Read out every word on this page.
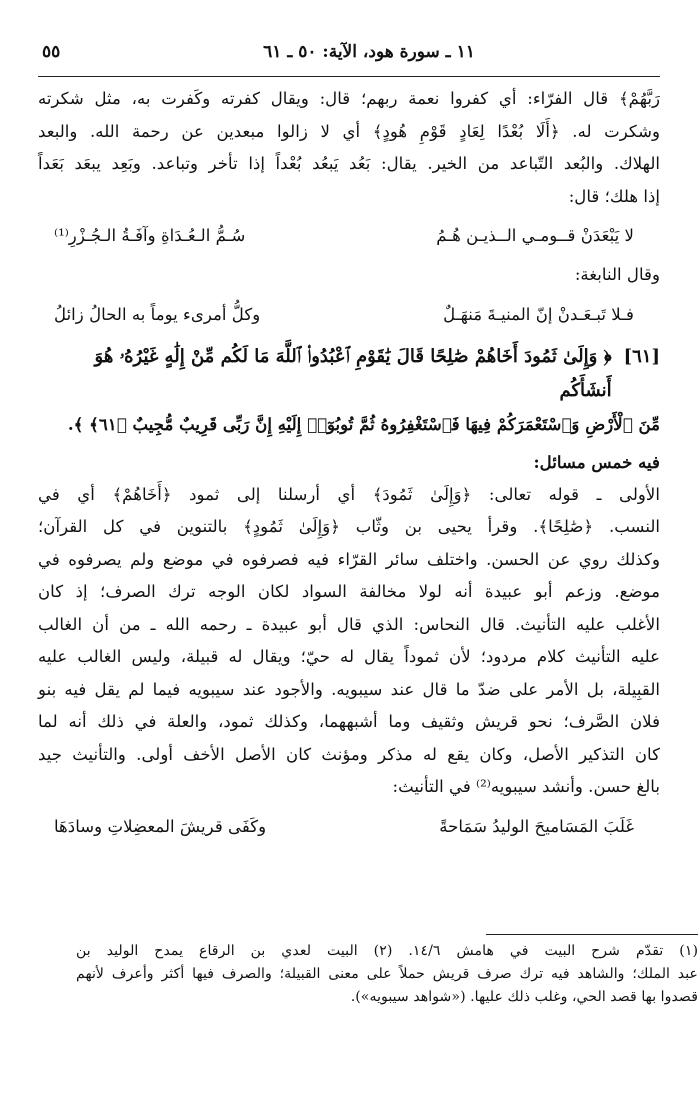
٥٥	١١ ـ سورة هود، الآية: ٥٠ ـ ٦١

رَبَّهُمْ﴾ قال الفرّاء: أي كفروا نعمة ربهم؛ قال: ويقال كفرته وكَفرت به، مثل شكرته

وشكرت له. ﴿أَلَا بُعْدًا لِعَادٍ قَوْمِ هُودٍ﴾ أي لا زالوا مبعدين عن رحمة الله. والبعد

الهلاك. والبُعد التّباعد من الخير. يقال: بَعُد يَبعُد بُعْداً إذا تأخر وتباعد. وبَعِد يبعَد بَعَداً

إذا هلك؛ قال:

لا يَبْعَدَنْ قــومـي الــذيـن هُـمُ
سُـمُّ الـعُـدَاةِ وآفَـةُ الـجُـزْرِ⁽¹⁾

وقال النابغة:

فـلا تَبـعَـدنْ إنّ المنيـةَ مَنهَـلٌ
وكلُّ أمرىء يوماً به الحالُ زائلُ
[٦١]
﴿ وَإِلَىٰ ثَمُودَ أَخَاهُمْ صَٰلِحًا قَالَ يَٰقَوْمِ ٱعْبُدُوا۟ ٱللَّهَ مَا لَكُم مِّنْ إِلَٰهٍ غَيْرُهُۥ هُوَ أَنشَأَكُم
مِّنَ ٱلْأَرْضِ وَٱسْتَعْمَرَكُمْ فِيهَا فَٱسْتَغْفِرُوهُ ثُمَّ تُوبُوٓا۟ إِلَيْهِ إِنَّ رَبِّى قَرِيبٌ مُّجِيبٌ ﴿٦١﴾ ﴾.

فيه خمس مسائل:

الأولى ـ قوله تعالى: ﴿وَإِلَىٰ ثَمُودَ﴾ أي أرسلنا إلى ثمود ﴿أَخَاهُمْ﴾ أي في

النسب. ﴿صَٰلِحًا﴾. وقرأ يحيى بن وثّاب ﴿وَإِلَىٰ ثَمُودٍ﴾ بالتنوين في كل القرآن؛

وكذلك روي عن الحسن. واختلف سائر القرّاء فيه فصرفوه في موضع ولم يصرفوه في

موضع. وزعم أبو عبيدة أنه لولا مخالفة السواد لكان الوجه ترك الصرف؛ إذ كان

الأغلب عليه التأنيث. قال النحاس: الذي قال أبو عبيدة ـ رحمه الله ـ من أن الغالب

عليه التأنيث كلام مردود؛ لأن ثموداً يقال له حيّ؛ ويقال له قبيلة، وليس الغالب عليه

القبِيلة، بل الأمر على ضدّ ما قال عند سيبويه. والأجود عند سيبويه فيما لم يقل فيه بنو

فلان الصَّرف؛ نحو قريش وثقيف وما أشبههما، وكذلك ثمود، والعلة في ذلك أنه لما

كان التذكير الأصل، وكان يقع له مذكر ومؤنث كان الأصل الأخف أولى. والتأنيث جيد

بالغ حسن. وأنشد سيبويه⁽²⁾ في التأنيث:

غَلَبَ المَسَاميحَ الوليدُ سَمَاحةً
وكَفَى قريشَ المعضِلاتِ وسادَهَا

(١) تقدّم شرح البيت في هامش ١٤/٦. (٢) البيت لعدي بن الرقاع يمدح الوليد بن

عبد الملك؛ والشاهد فيه ترك صرف قريش حملاً على معنى القبيلة؛ والصرف فيها أكثر وأعرف لأنهم

قصدوا بها قصد الحي، وغلب ذلك عليها. («شواهد سيبويه»).
